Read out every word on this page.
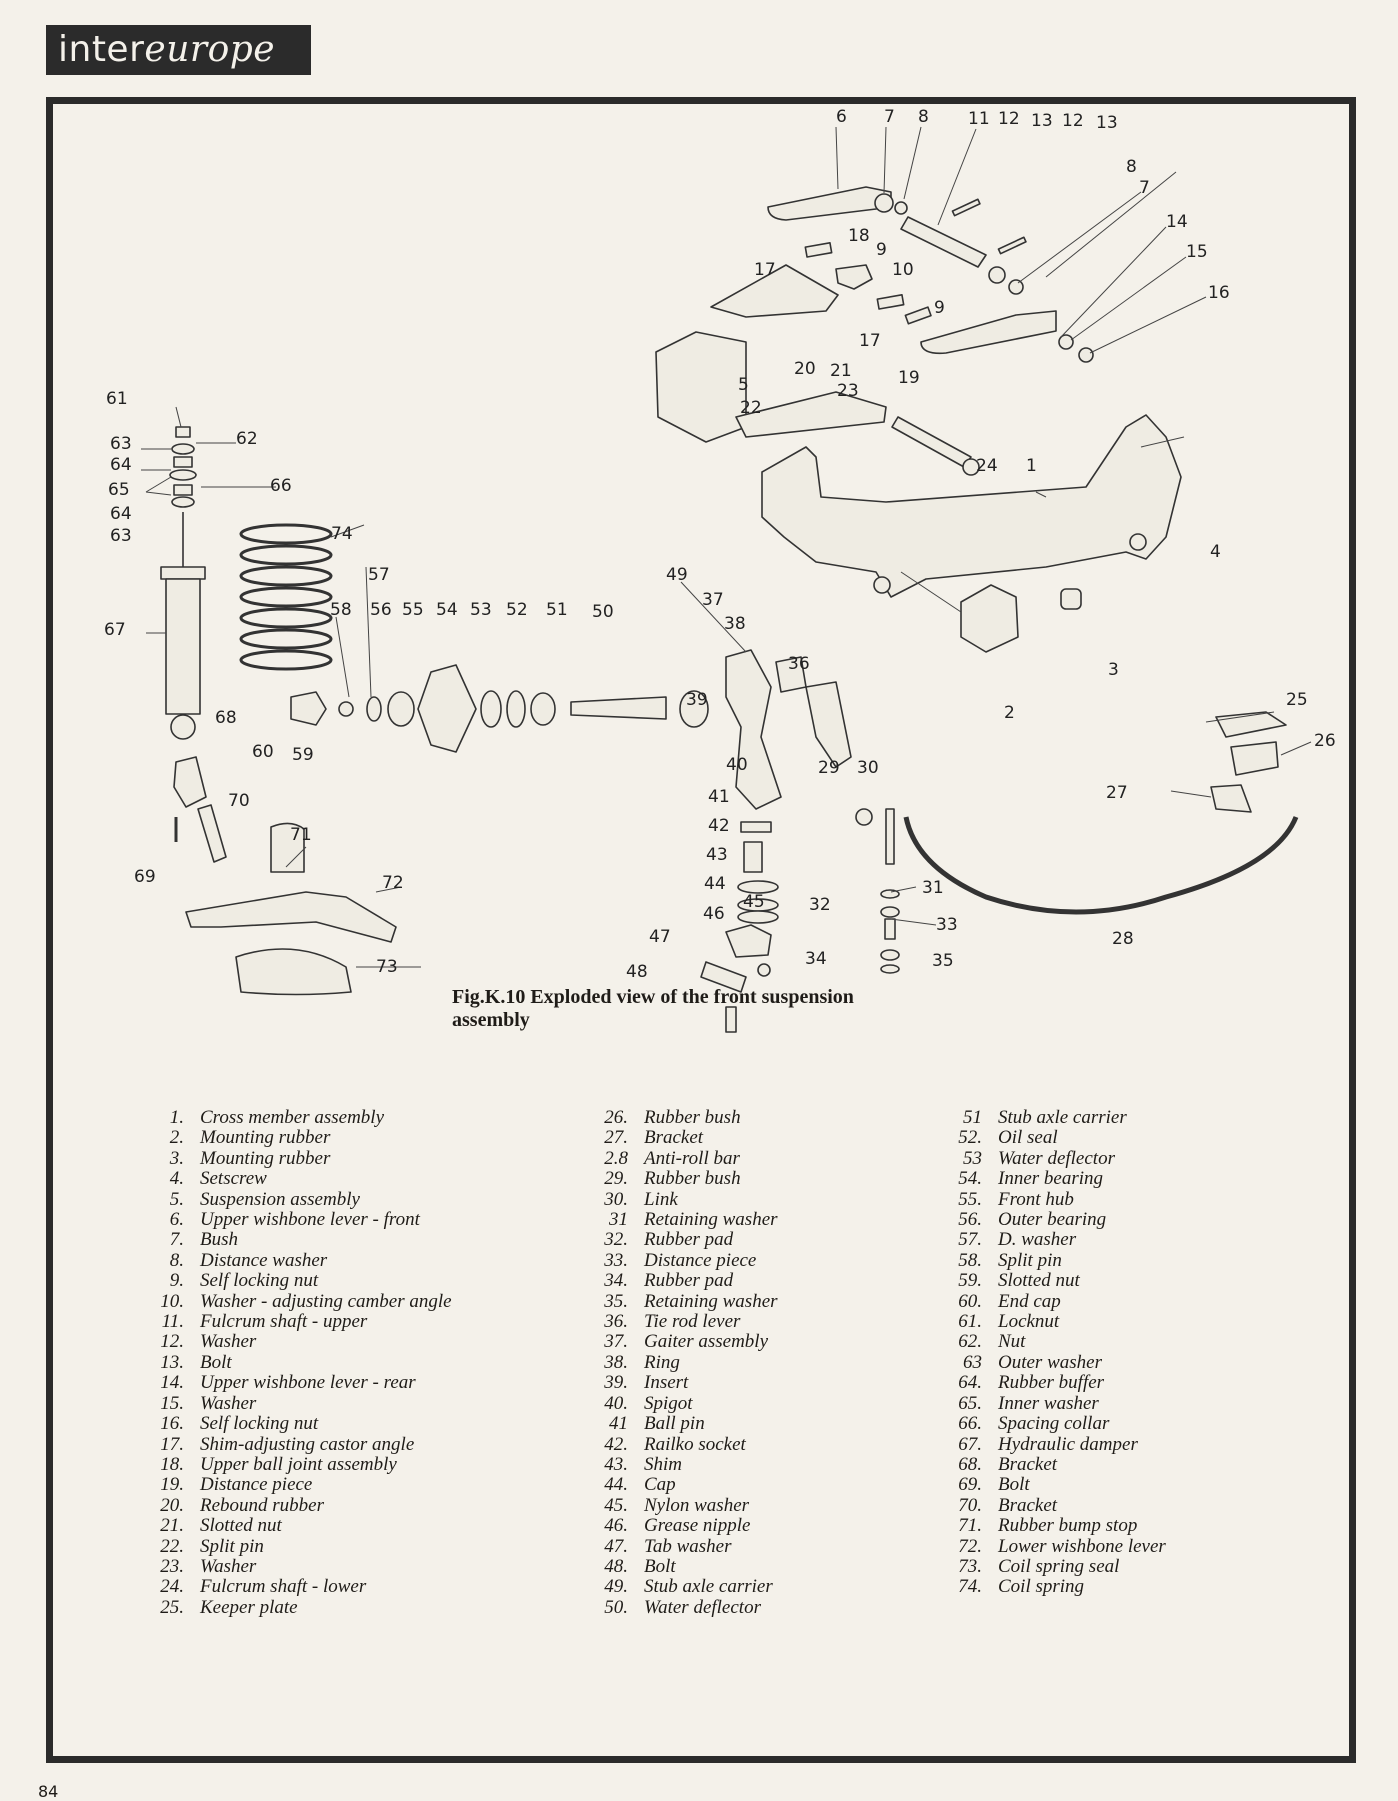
intereurope
6 7 8 11 12 13 12 13
8
7
14
15
16
18
9
10
9
17
17
19
20 21
5
22
23
24 1
4
3
2
61
62
63
64
65	66
64
63	74
67
68
57
58 56 55 54 53 52 51 50
49
37
38
36
39
60 59	40
41
42
43
44
45
46
47
48
70
71
69	72
73
29 30
31
32
33
34	35
28
25
26
27
Fig.K.10 Exploded view of the front suspension assembly
1. Cross member assembly
2. Mounting rubber
3. Mounting rubber
4. Setscrew
5. Suspension assembly
6. Upper wishbone lever - front
7. Bush
8. Distance washer
9. Self locking nut
10. Washer - adjusting camber angle
11. Fulcrum shaft - upper
12. Washer
13. Bolt
14. Upper wishbone lever - rear
15. Washer
16. Self locking nut
17. Shim-adjusting castor angle
18. Upper ball joint assembly
19. Distance piece
20. Rebound rubber
21. Slotted nut
22. Split pin
23. Washer
24. Fulcrum shaft - lower
25. Keeper plate
26. Rubber bush
27. Bracket
2.8 Anti-roll bar
29. Rubber bush
30. Link
31 Retaining washer
32. Rubber pad
33. Distance piece
34. Rubber pad
35. Retaining washer
36. Tie rod lever
37. Gaiter assembly
38. Ring
39. Insert
40. Spigot
41 Ball pin
42. Railko socket
43. Shim
44. Cap
45. Nylon washer
46. Grease nipple
47. Tab washer
48. Bolt
49. Stub axle carrier
50. Water deflector
51 Stub axle carrier
52. Oil seal
53 Water deflector
54. Inner bearing
55. Front hub
56. Outer bearing
57. D. washer
58. Split pin
59. Slotted nut
60. End cap
61. Locknut
62. Nut
63 Outer washer
64. Rubber buffer
65. Inner washer
66. Spacing collar
67. Hydraulic damper
68. Bracket
69. Bolt
70. Bracket
71. Rubber bump stop
72. Lower wishbone lever
73. Coil spring seal
74. Coil spring
84
